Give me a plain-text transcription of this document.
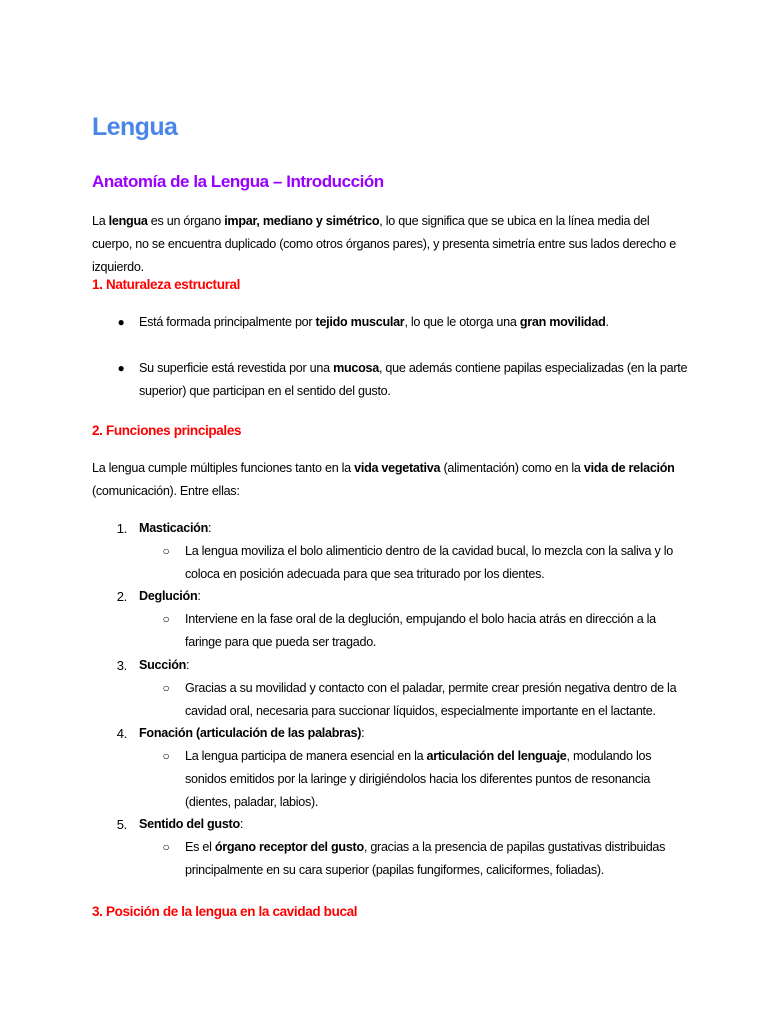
Lengua
Anatomía de la Lengua – Introducción

La lengua es un órgano impar, mediano y simétrico, lo que significa que se ubica en la línea media del cuerpo, no se encuentra duplicado (como otros órganos pares), y presenta simetría entre sus lados derecho e izquierdo.

1. Naturaleza estructural
● Está formada principalmente por tejido muscular, lo que le otorga una gran movilidad.
● Su superficie está revestida por una mucosa, que además contiene papilas especializadas (en la parte superior) que participan en el sentido del gusto.
2. Funciones principales

La lengua cumple múltiples funciones tanto en la vida vegetativa (alimentación) como en la vida de relación (comunicación). Entre ellas:

1. Masticación:
○ La lengua moviliza el bolo alimenticio dentro de la cavidad bucal, lo mezcla con la saliva y lo coloca en posición adecuada para que sea triturado por los dientes.
2. Deglución:
○ Interviene en la fase oral de la deglución, empujando el bolo hacia atrás en dirección a la faringe para que pueda ser tragado.
3. Succión:
○ Gracias a su movilidad y contacto con el paladar, permite crear presión negativa dentro de la cavidad oral, necesaria para succionar líquidos, especialmente importante en el lactante.
4. Fonación (articulación de las palabras):
○ La lengua participa de manera esencial en la articulación del lenguaje, modulando los sonidos emitidos por la laringe y dirigiéndolos hacia los diferentes puntos de resonancia (dientes, paladar, labios).
5. Sentido del gusto:
○ Es el órgano receptor del gusto, gracias a la presencia de papilas gustativas distribuidas principalmente en su cara superior (papilas fungiformes, caliciformes, foliadas).
3. Posición de la lengua en la cavidad bucal
